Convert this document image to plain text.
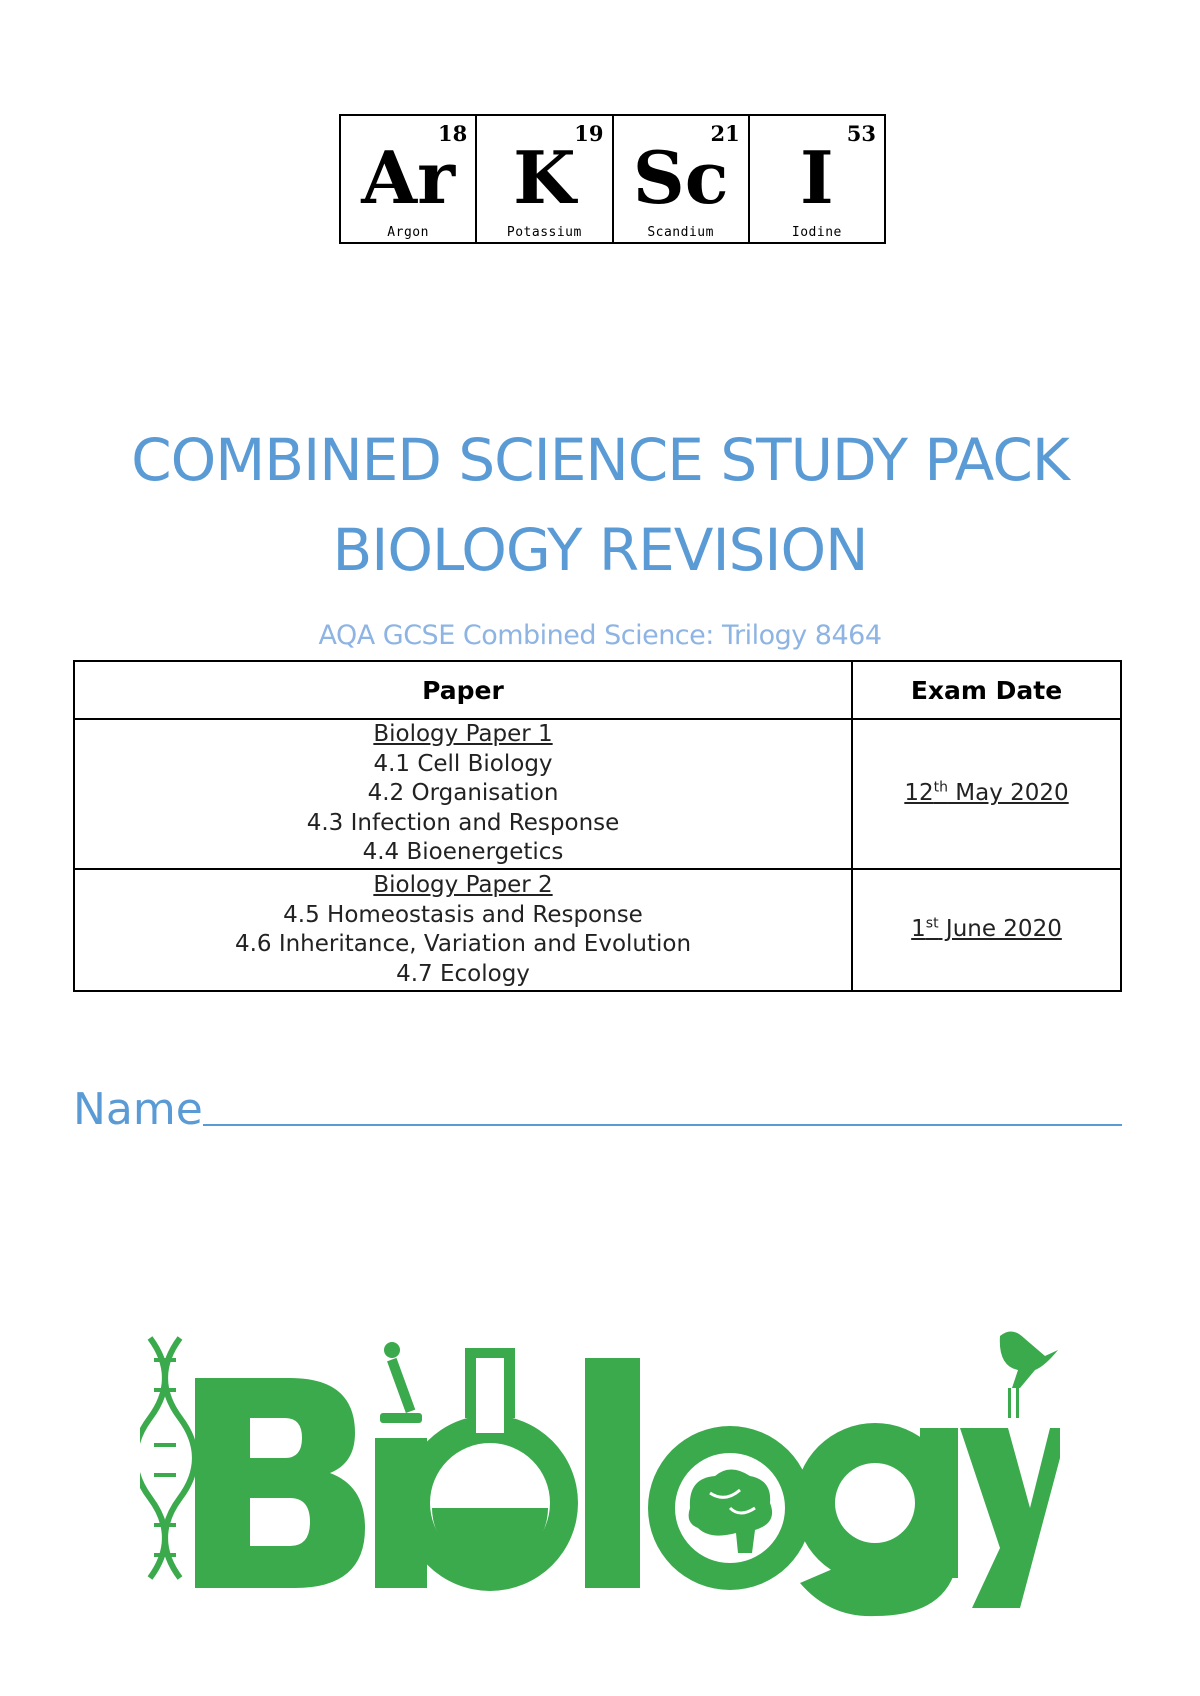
18
Ar
Argon
19
K
Potassium
21
Sc
Scandium
53
I
Iodine
COMBINED SCIENCE STUDY PACK
BIOLOGY REVISION
AQA GCSE Combined Science: Trilogy 8464
Paper	Exam Date

Biology Paper 1
4.1 Cell Biology
4.2 Organisation
4.3 Infection and Response
4.4 Bioenergetics	12th May 2020

Biology Paper 2
4.5 Homeostasis and Response
4.6 Inheritance, Variation and Evolution
4.7 Ecology	1st June 2020
Name
